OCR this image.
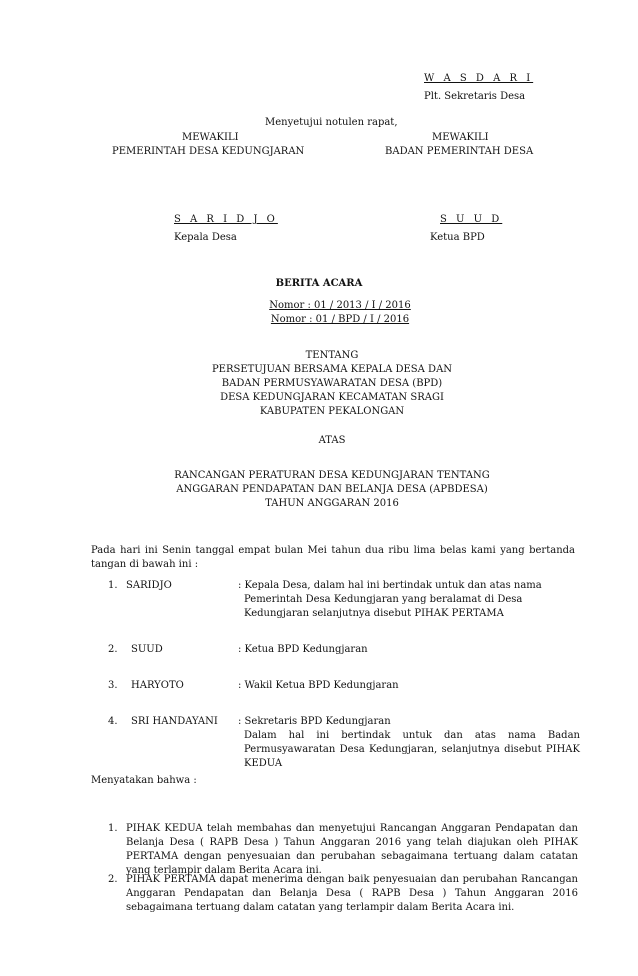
W A S D A R I
Plt. Sekretaris Desa
Menyetujui notulen rapat,
MEWAKILI
PEMERINTAH DESA KEDUNGJARAN
MEWAKILI
BADAN PEMERINTAH DESA
S A R I D J O
Kepala Desa
S U U D
Ketua BPD
BERITA ACARA
Nomor : 01 / 2013 / I / 2016
Nomor : 01 / BPD / I / 2016
TENTANG
PERSETUJUAN BERSAMA KEPALA DESA DAN
BADAN PERMUSYAWARATAN DESA (BPD)
DESA KEDUNGJARAN KECAMATAN SRAGI
KABUPATEN PEKALONGAN
ATAS
RANCANGAN PERATURAN DESA KEDUNGJARAN TENTANG
ANGGARAN PENDAPATAN DAN BELANJA DESA (APBDESA)
TAHUN ANGGARAN 2016
Pada hari ini Senin tanggal empat bulan Mei tahun dua ribu lima belas kami yang bertanda tangan di bawah ini :
1. SARIDJO	: Kepala Desa, dalam hal ini bertindak untuk dan atas nama
Pemerintah Desa Kedungjaran yang beralamat di Desa
Kedungjaran selanjutnya disebut PIHAK PERTAMA
2. SUUD	: Ketua BPD Kedungjaran
3. HARYOTO	: Wakil Ketua BPD Kedungjaran
4. SRI HANDAYANI : Sekretaris BPD Kedungjaran
Dalam hal ini bertindak untuk dan atas nama Badan Permusyawaratan Desa Kedungjaran, selanjutnya disebut PIHAK KEDUA
Menyatakan bahwa :
1. PIHAK KEDUA telah membahas dan menyetujui Rancangan Anggaran Pendapatan dan Belanja Desa ( RAPB Desa ) Tahun Anggaran 2016 yang telah diajukan oleh PIHAK PERTAMA dengan penyesuaian dan perubahan sebagaimana tertuang dalam catatan yang terlampir dalam Berita Acara ini.
2. PIHAK PERTAMA dapat menerima dengan baik penyesuaian dan perubahan Rancangan Anggaran Pendapatan dan Belanja Desa ( RAPB Desa ) Tahun Anggaran 2016 sebagaimana tertuang dalam catatan yang terlampir dalam Berita Acara ini.
